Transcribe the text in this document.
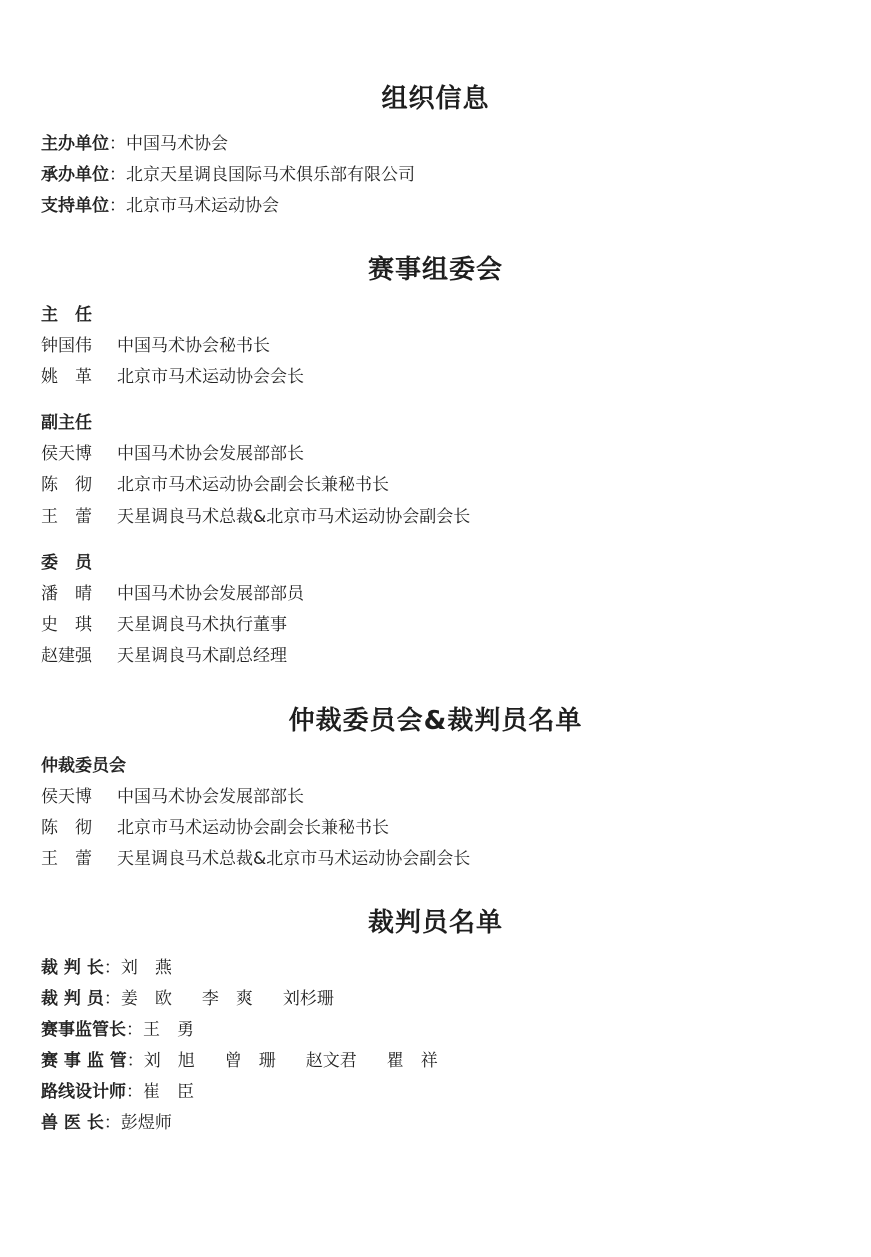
组织信息
主办单位：中国马术协会
承办单位：北京天星调良国际马术俱乐部有限公司
支持单位：北京市马术运动协会
赛事组委会
主　任
钟国伟 中国马术协会秘书长
姚　革 北京市马术运动协会会长
副主任
侯天博 中国马术协会发展部部长
陈　彻 北京市马术运动协会副会长兼秘书长
王　蕾 天星调良马术总裁&北京市马术运动协会副会长
委　员
潘　晴 中国马术协会发展部部员
史　琪 天星调良马术执行董事
赵建强 天星调良马术副总经理
仲裁委员会&裁判员名单
仲裁委员会
侯天博 中国马术协会发展部部长
陈　彻 北京市马术运动协会副会长兼秘书长
王　蕾 天星调良马术总裁&北京市马术运动协会副会长
裁判员名单
裁 判 长：刘　燕
裁 判 员：姜　欧 李　爽 刘杉珊
赛事监管长：王　勇
赛 事 监 管：刘　旭 曾　珊 赵文君 瞿　祥
路线设计师：崔　臣
兽 医 长：彭煜师
